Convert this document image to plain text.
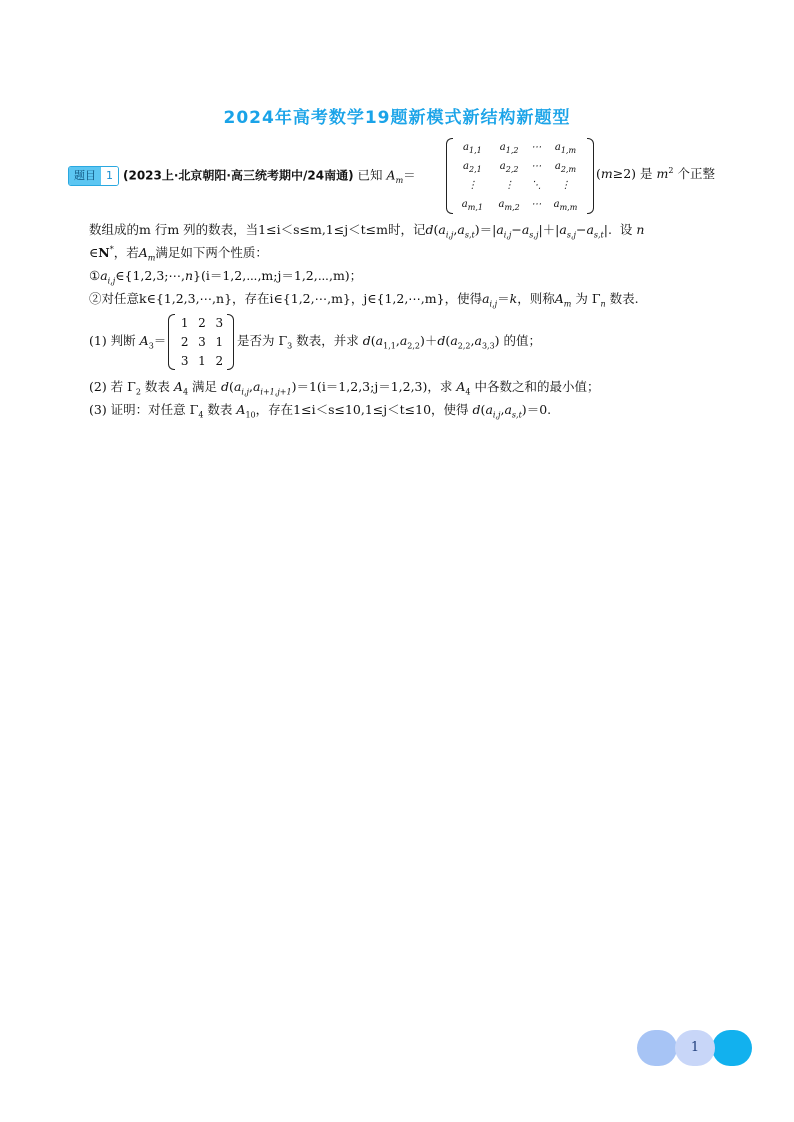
2024年高考数学19题新模式新结构新题型
题目 1 (2023上·北京朝阳·高三统考期中/24南通) 已知 $A_m=$
$a_{1,1}$	$a_{1,2}$	⋯	$a_{1,m}$
$a_{2,1}$	$a_{2,2}$	⋯	$a_{2,m}$
⋮	⋮	⋱	⋮
$a_{m,1}$	$a_{m,2}$	⋯	$a_{m,m}$
(m≥2) 是 $m^2$ 个正整
数组成的m 行m 列的数表，当1≤i＜s≤m,1≤j＜t≤m时，记$d(a_{i,j},a_{s,t})=|a_{i,j}-a_{s,j}|+|a_{s,j}-a_{s,t}|$.  设 n
∈N*，若$A_m$满足如下两个性质：
$①a_{i,j}\in\{1,2,3;\cdots,n\}(i=1,2,\cdots,m;j=1,2,\cdots,m)$；
②对任意k∈{1,2,3,⋯,n}，存在i∈{1,2,⋯,m}，j∈{1,2,⋯,m}，使得$a_{i,j}=k$，则称$A_m$ 为 $\Gamma_n$ 数表.
(1) 判断 $A_3=$
1	2	3
2	3	1
3	1	2
是否为 $\Gamma_3$ 数表，并求 $d(a_{1,1},a_{2,2})+d(a_{2,2},a_{3,3})$ 的值；
(2) 若 $\Gamma_2$ 数表 $A_4$ 满足 $d(a_{i,j},a_{i+1,j+1})=1(i=1,2,3;j=1,2,3)$，求 $A_4$ 中各数之和的最小值；
(3) 证明：对任意 $\Gamma_4$ 数表 $A_{10}$，存在1≤i＜s≤10,1≤j＜t≤10，使得 $d(a_{i,j},a_{s,t})=0$.
1
